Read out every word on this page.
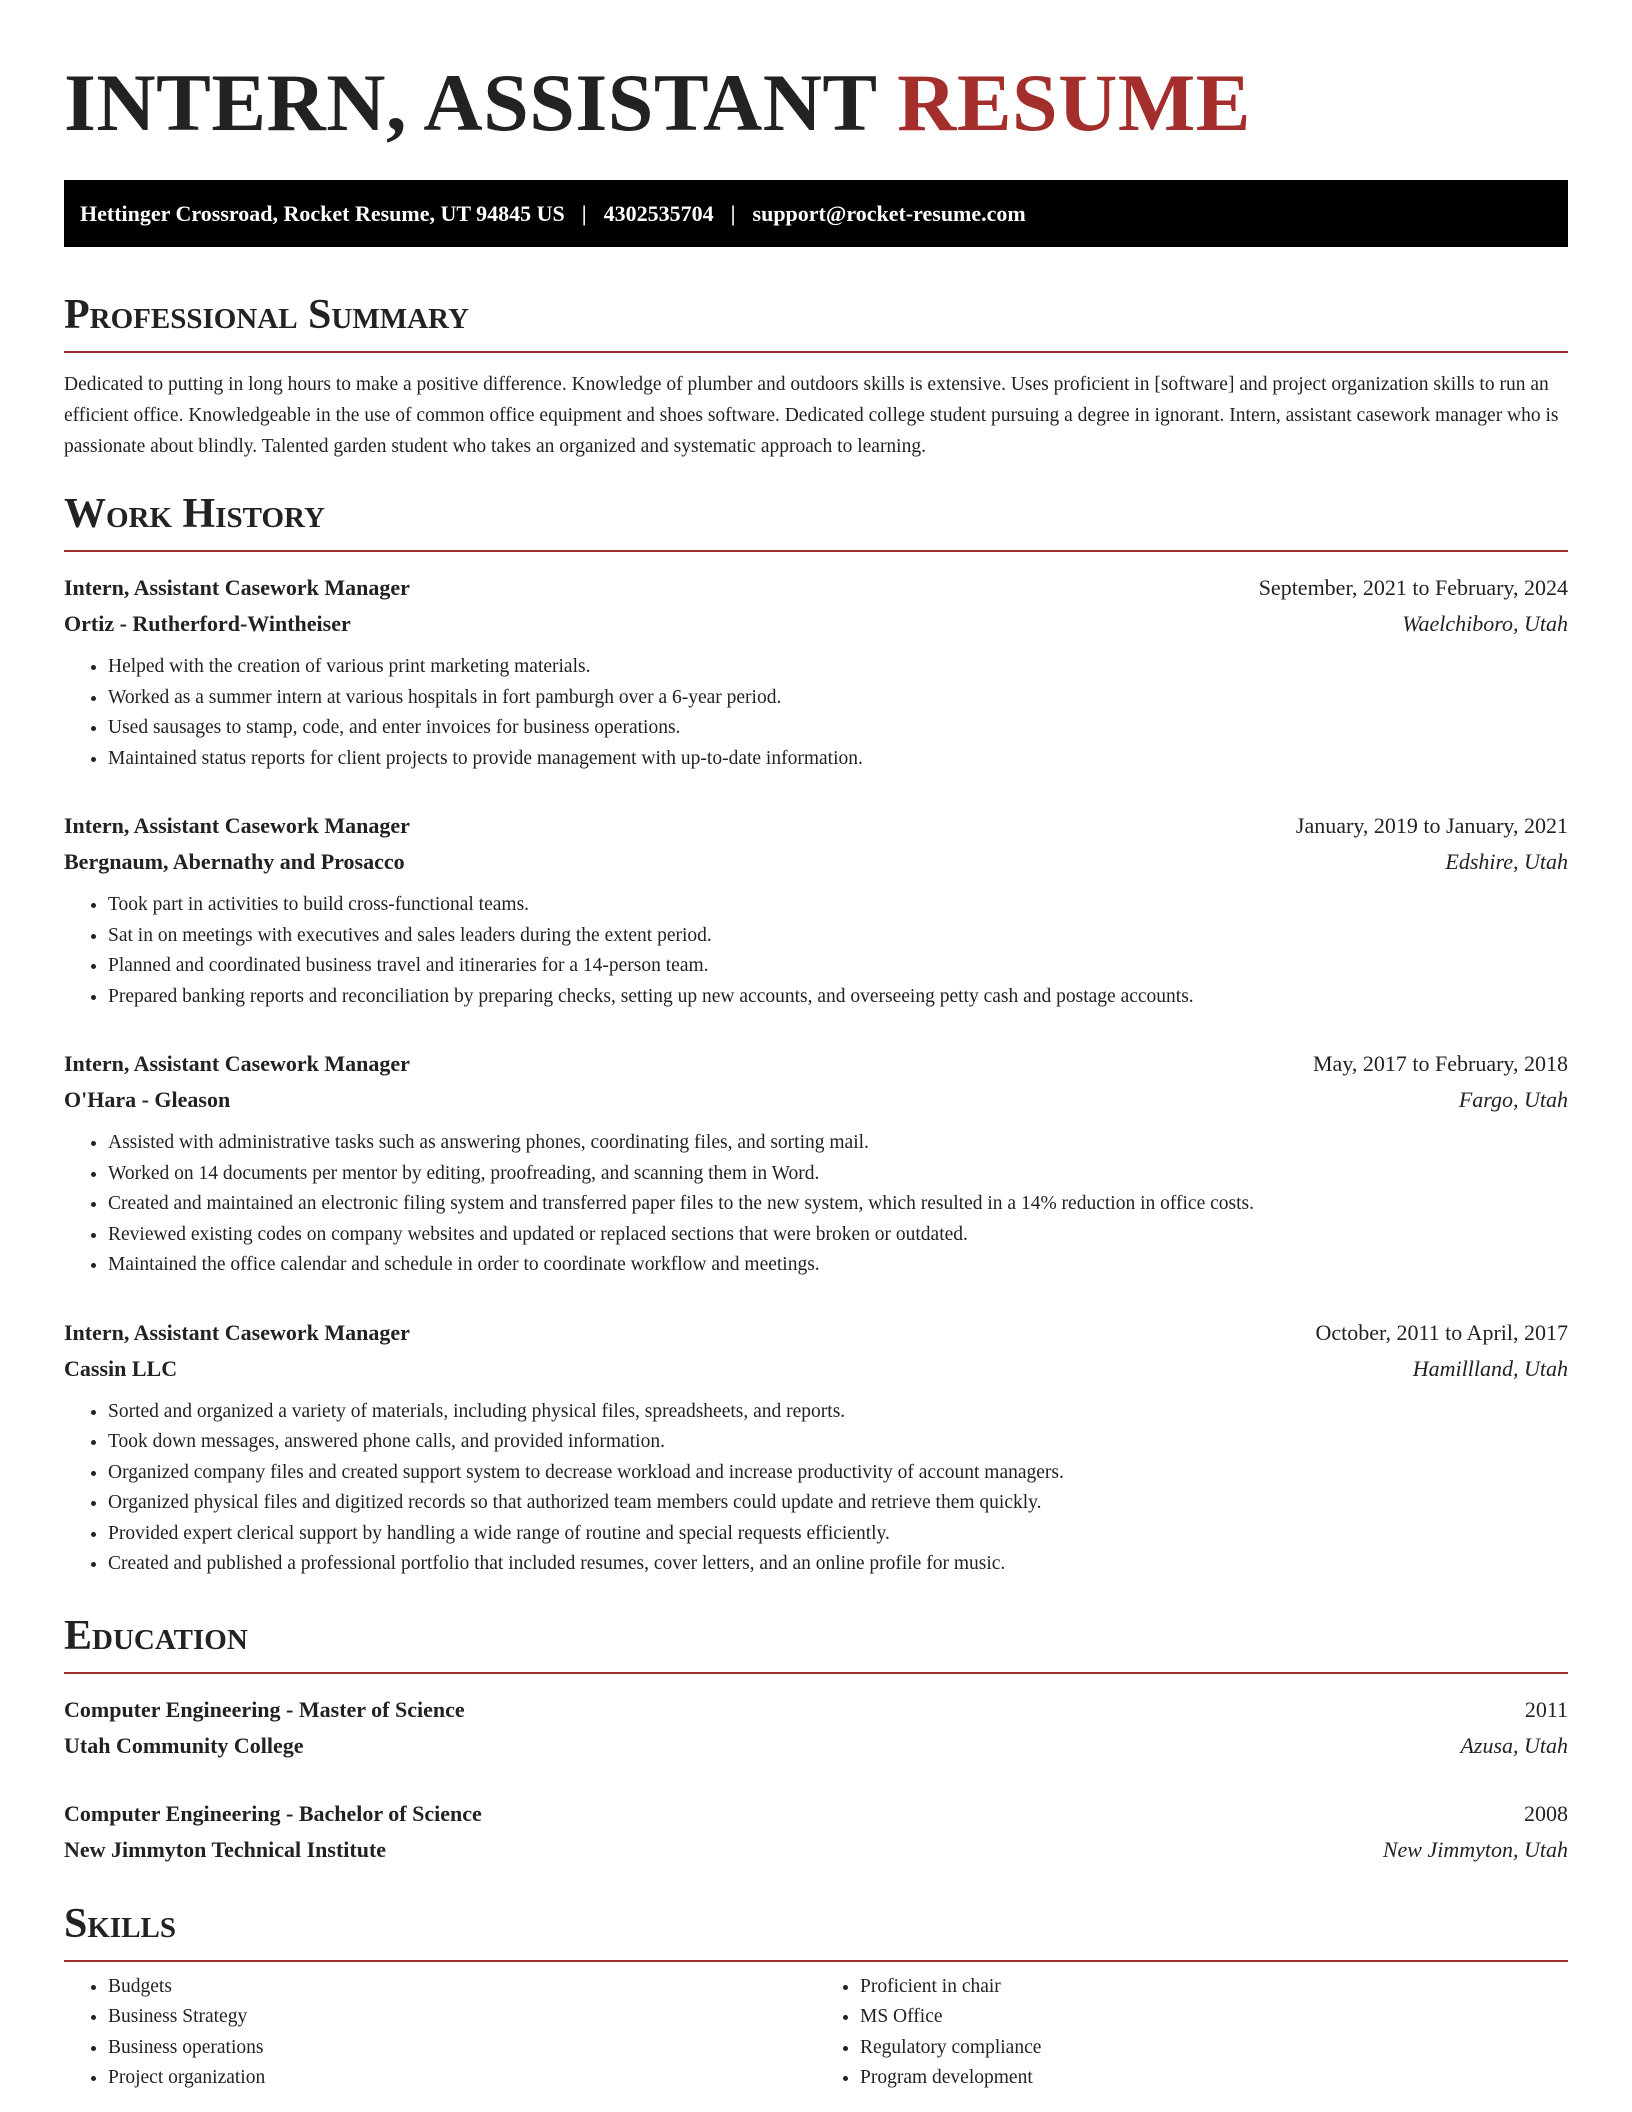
INTERN, ASSISTANT RESUME
Hettinger Crossroad, Rocket Resume, UT 94845 US | 4302535704 | support@rocket-resume.com
Professional Summary

Dedicated to putting in long hours to make a positive difference. Knowledge of plumber and outdoors skills is extensive. Uses proficient in [software] and project organization skills to run an efficient office. Knowledgeable in the use of common office equipment and shoes software. Dedicated college student pursuing a degree in ignorant. Intern, assistant casework manager who is passionate about blindly. Talented garden student who takes an organized and systematic approach to learning.

Work History
Intern, Assistant Casework Manager	September, 2021 to February, 2024
Ortiz - Rutherford-Wintheiser	Waelchiboro, Utah
• Helped with the creation of various print marketing materials.
• Worked as a summer intern at various hospitals in fort pamburgh over a 6-year period.
• Used sausages to stamp, code, and enter invoices for business operations.
• Maintained status reports for client projects to provide management with up-to-date information.
Intern, Assistant Casework Manager	January, 2019 to January, 2021
Bergnaum, Abernathy and Prosacco	Edshire, Utah
• Took part in activities to build cross-functional teams.
• Sat in on meetings with executives and sales leaders during the extent period.
• Planned and coordinated business travel and itineraries for a 14-person team.
• Prepared banking reports and reconciliation by preparing checks, setting up new accounts, and overseeing petty cash and postage accounts.
Intern, Assistant Casework Manager	May, 2017 to February, 2018
O'Hara - Gleason	Fargo, Utah
• Assisted with administrative tasks such as answering phones, coordinating files, and sorting mail.
• Worked on 14 documents per mentor by editing, proofreading, and scanning them in Word.
• Created and maintained an electronic filing system and transferred paper files to the new system, which resulted in a 14% reduction in office costs.
• Reviewed existing codes on company websites and updated or replaced sections that were broken or outdated.
• Maintained the office calendar and schedule in order to coordinate workflow and meetings.
Intern, Assistant Casework Manager	October, 2011 to April, 2017
Cassin LLC	Hamillland, Utah
• Sorted and organized a variety of materials, including physical files, spreadsheets, and reports.
• Took down messages, answered phone calls, and provided information.
• Organized company files and created support system to decrease workload and increase productivity of account managers.
• Organized physical files and digitized records so that authorized team members could update and retrieve them quickly.
• Provided expert clerical support by handling a wide range of routine and special requests efficiently.
• Created and published a professional portfolio that included resumes, cover letters, and an online profile for music.
Education
Computer Engineering - Master of Science	2011
Utah Community College	Azusa, Utah
Computer Engineering - Bachelor of Science	2008
New Jimmyton Technical Institute	New Jimmyton, Utah
Skills
• Budgets
• Business Strategy
• Business operations
• Project organization
• Proficient in chair
• MS Office
• Regulatory compliance
• Program development
